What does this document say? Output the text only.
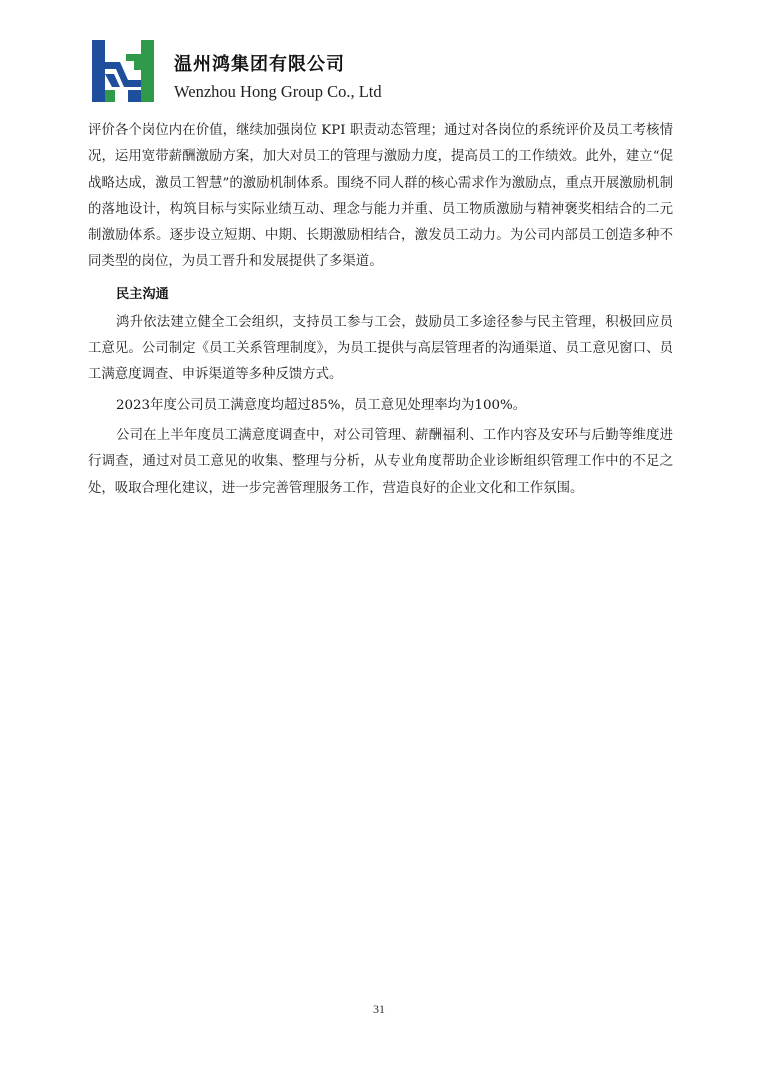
温州鸿集团有限公司
Wenzhou Hong Group Co., Ltd

评价各个岗位内在价值，继续加强岗位 KPI 职责动态管理；通过对各岗位的系统评价及员工考核情况，运用宽带薪酬激励方案，加大对员工的管理与激励力度，提高员工的工作绩效。此外，建立“促战略达成，激员工智慧”的激励机制体系。围绕不同人群的核心需求作为激励点，重点开展激励机制的落地设计，构筑目标与实际业绩互动、理念与能力并重、员工物质激励与精神褒奖相结合的二元制激励体系。逐步设立短期、中期、长期激励相结合，激发员工动力。为公司内部员工创造多种不同类型的岗位，为员工晋升和发展提供了多渠道。

民主沟通

鸿升依法建立健全工会组织，支持员工参与工会，鼓励员工多途径参与民主管理，积极回应员工意见。公司制定《员工关系管理制度》，为员工提供与高层管理者的沟通渠道、员工意见窗口、员工满意度调查、申诉渠道等多种反馈方式。

2023年度公司员工满意度均超过85%，员工意见处理率均为100%。

公司在上半年度员工满意度调查中，对公司管理、薪酬福利、工作内容及安环与后勤等维度进行调查，通过对员工意见的收集、整理与分析，从专业角度帮助企业诊断组织管理工作中的不足之处，吸取合理化建议，进一步完善管理服务工作，营造良好的企业文化和工作氛围。

31
